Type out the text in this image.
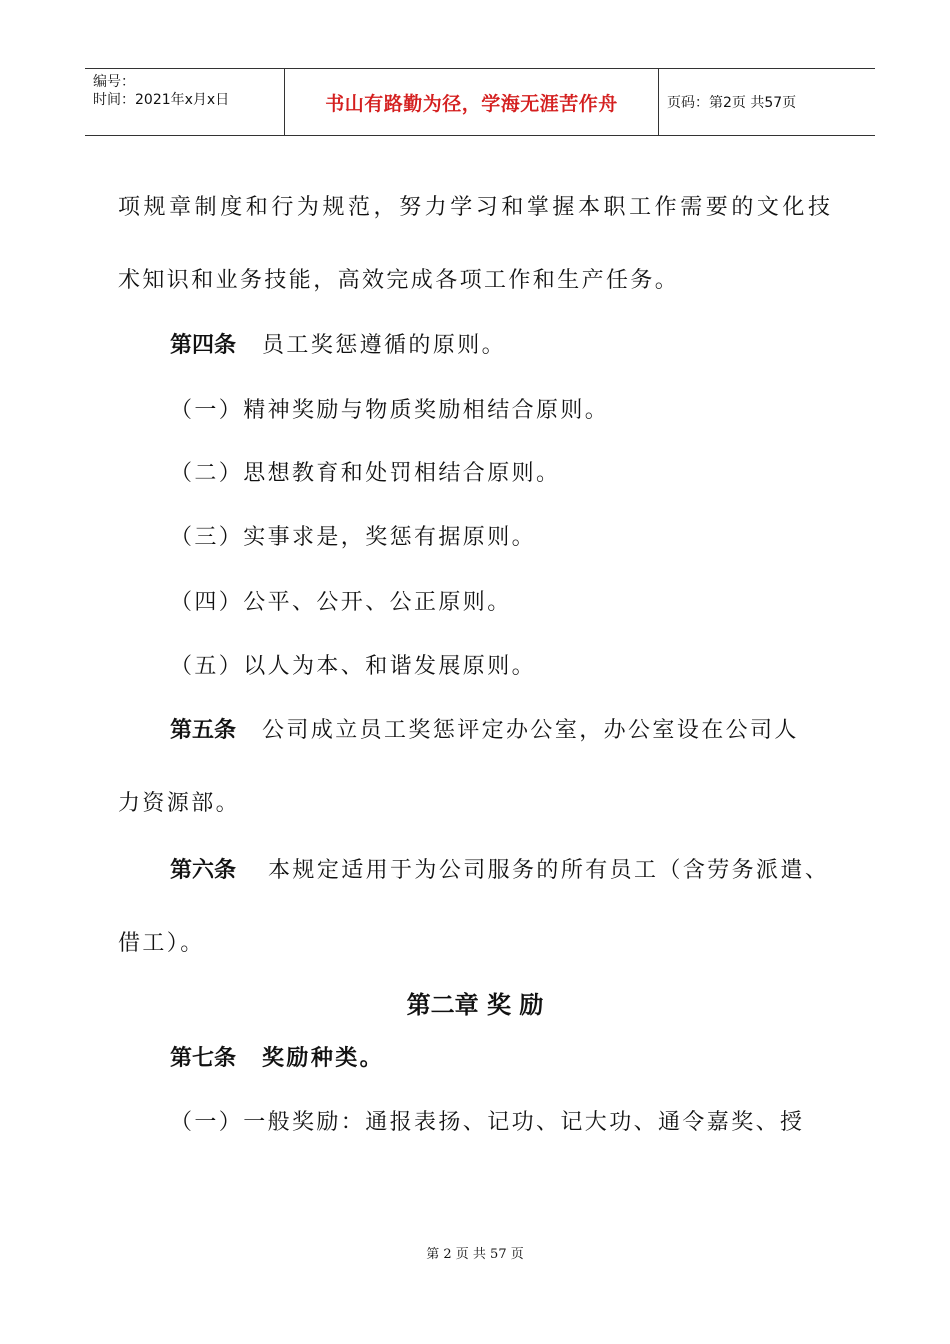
编号：
时间：2021年x月x日	书山有路勤为径，学海无涯苦作舟	页码：第2页 共57页
项规章制度和行为规范，努力学习和掌握本职工作需要的文化技
术知识和业务技能，高效完成各项工作和生产任务。
第四条 员工奖惩遵循的原则。
（一）精神奖励与物质奖励相结合原则。
（二）思想教育和处罚相结合原则。
（三）实事求是，奖惩有据原则。
（四）公平、公开、公正原则。
（五）以人为本、和谐发展原则。
第五条 公司成立员工奖惩评定办公室，办公室设在公司人
力资源部。
第六条 本规定适用于为公司服务的所有员工（含劳务派遣、
借工）。
第二章 奖 励
第七条 奖励种类。
（一）一般奖励：通报表扬、记功、记大功、通令嘉奖、授
第 2 页 共 57 页
